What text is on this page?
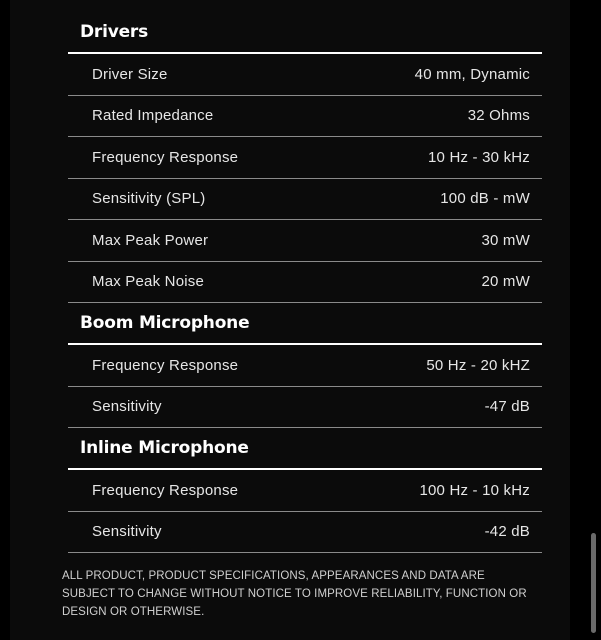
Drivers
Driver Size	40 mm, Dynamic
Rated Impedance	32 Ohms
Frequency Response	10 Hz - 30 kHz
Sensitivity (SPL)	100 dB - mW
Max Peak Power	30 mW
Max Peak Noise	20 mW
Boom Microphone
Frequency Response	50 Hz - 20 kHZ
Sensitivity	-47 dB
Inline Microphone
Frequency Response	100 Hz - 10 kHz
Sensitivity	-42 dB
ALL PRODUCT, PRODUCT SPECIFICATIONS, APPEARANCES AND DATA ARE SUBJECT TO CHANGE WITHOUT NOTICE TO IMPROVE RELIABILITY, FUNCTION OR DESIGN OR OTHERWISE.
